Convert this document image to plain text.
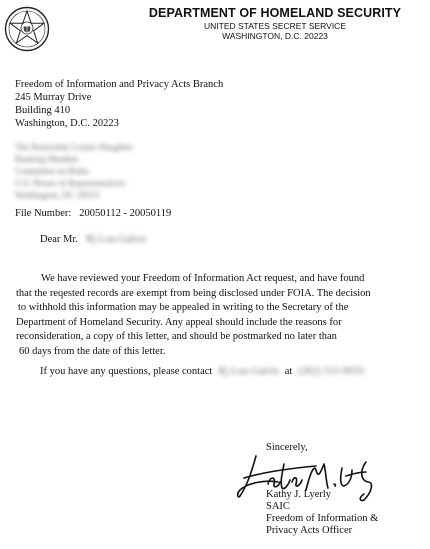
DEPARTMENT OF HOMELAND SECURITY
UNITED STATES SECRET SERVICE
WASHINGTON, D.C. 20223
Freedom of Information and Privacy Acts Branch
245 Murray Drive
Building 410
Washington, D.C. 20223
The Honorable Louise Slaughter
Ranking Member
Committee on Rules
U.S. House of Representatives
Washington, DC 20515
File Number: 20050112 - 20050119
Dear Mr. Rj Lou-Galvis
We have reviewed your Freedom of Information Act request, and have found
that the reqested records are exempt from being disclosed under FOIA. The decision
to withhold this information may be appealed in writing to the Secretary of the
Department of Homeland Security. Any appeal should include the reasons for
reconsideration, a copy of this letter, and should be postmarked no later than
60 days from the date of this letter.
If you have any questions, please contact Rj Lou-Galvis at (202) 515-9033
Sincerely,
Kathy J. Lyerly
SAIC
Freedom of Information &
Privacy Acts Officer
